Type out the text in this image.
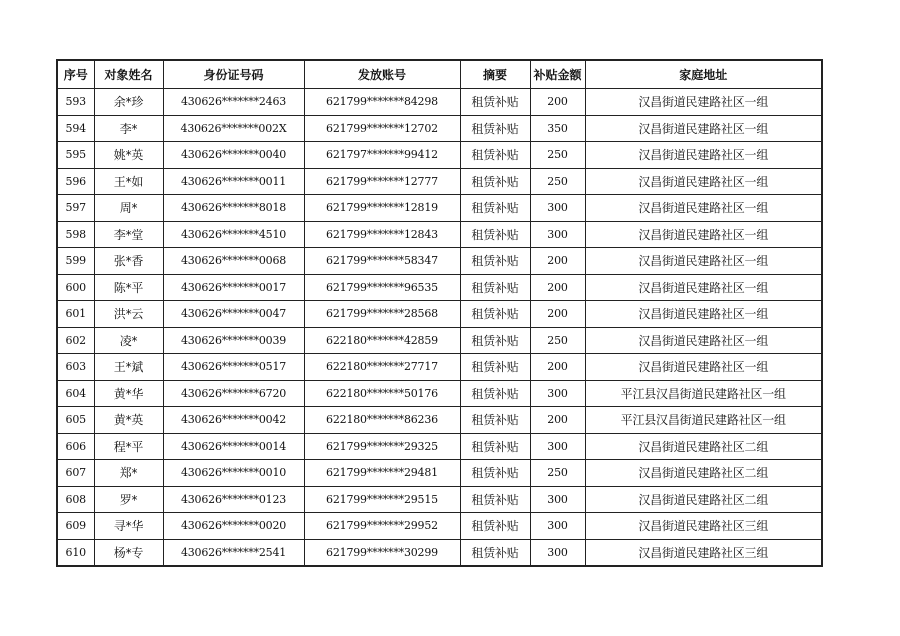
序号	对象姓名	身份证号码	发放账号	摘要	补贴金额	家庭地址
593	余*珍	430626*******2463	621799*******84298	租赁补贴	200	汉昌街道民建路社区一组
594	李*	430626*******002X	621799*******12702	租赁补贴	350	汉昌街道民建路社区一组
595	姚*英	430626*******0040	621797*******99412	租赁补贴	250	汉昌街道民建路社区一组
596	王*如	430626*******0011	621799*******12777	租赁补贴	250	汉昌街道民建路社区一组
597	周*	430626*******8018	621799*******12819	租赁补贴	300	汉昌街道民建路社区一组
598	李*堂	430626*******4510	621799*******12843	租赁补贴	300	汉昌街道民建路社区一组
599	张*香	430626*******0068	621799*******58347	租赁补贴	200	汉昌街道民建路社区一组
600	陈*平	430626*******0017	621799*******96535	租赁补贴	200	汉昌街道民建路社区一组
601	洪*云	430626*******0047	621799*******28568	租赁补贴	200	汉昌街道民建路社区一组
602	凌*	430626*******0039	622180*******42859	租赁补贴	250	汉昌街道民建路社区一组
603	王*斌	430626*******0517	622180*******27717	租赁补贴	200	汉昌街道民建路社区一组
604	黄*华	430626*******6720	622180*******50176	租赁补贴	300	平江县汉昌街道民建路社区一组
605	黄*英	430626*******0042	622180*******86236	租赁补贴	200	平江县汉昌街道民建路社区一组
606	程*平	430626*******0014	621799*******29325	租赁补贴	300	汉昌街道民建路社区二组
607	郑*	430626*******0010	621799*******29481	租赁补贴	250	汉昌街道民建路社区二组
608	罗*	430626*******0123	621799*******29515	租赁补贴	300	汉昌街道民建路社区二组
609	寻*华	430626*******0020	621799*******29952	租赁补贴	300	汉昌街道民建路社区三组
610	杨*专	430626*******2541	621799*******30299	租赁补贴	300	汉昌街道民建路社区三组
